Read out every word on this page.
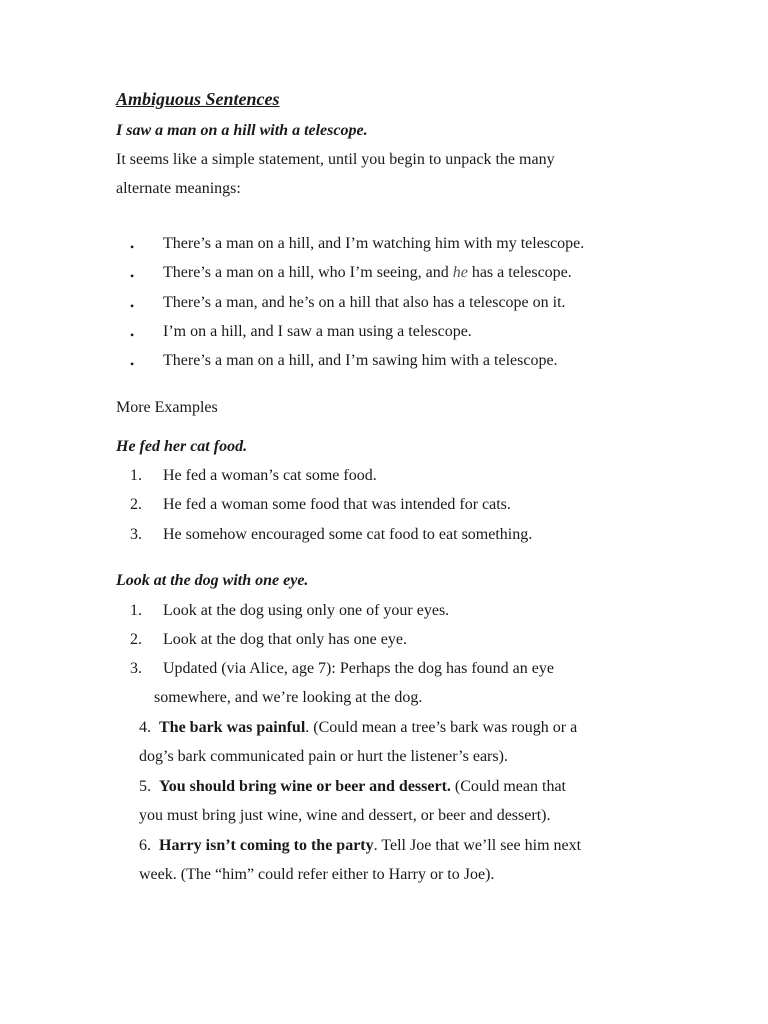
Ambiguous Sentences
I saw a man on a hill with a telescope.
It seems like a simple statement, until you begin to unpack the many
alternate meanings:
• There’s a man on a hill, and I’m watching him with my telescope.
• There’s a man on a hill, who I’m seeing, and he has a telescope.
• There’s a man, and he’s on a hill that also has a telescope on it.
• I’m on a hill, and I saw a man using a telescope.
• There’s a man on a hill, and I’m sawing him with a telescope.
More Examples
He fed her cat food.
1. He fed a woman’s cat some food.
2. He fed a woman some food that was intended for cats.
3. He somehow encouraged some cat food to eat something.
Look at the dog with one eye.
1. Look at the dog using only one of your eyes.
2. Look at the dog that only has one eye.
3. Updated (via Alice, age 7): Perhaps the dog has found an eye
somewhere, and we’re looking at the dog.
4. The bark was painful. (Could mean a tree’s bark was rough or a
dog’s bark communicated pain or hurt the listener’s ears).
5. You should bring wine or beer and dessert. (Could mean that
you must bring just wine, wine and dessert, or beer and dessert).
6. Harry isn’t coming to the party. Tell Joe that we’ll see him next
week. (The “him” could refer either to Harry or to Joe).
